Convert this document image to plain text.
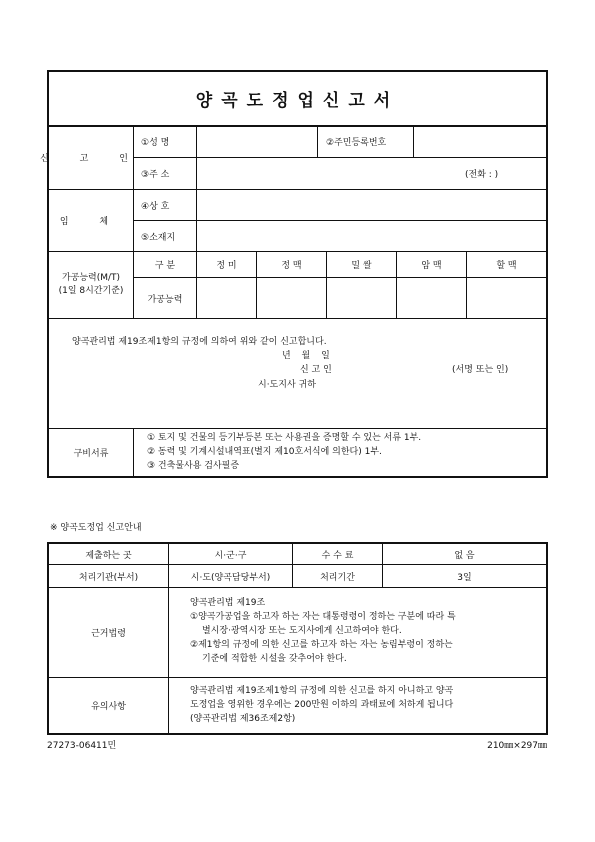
양곡도정업신고서
신 고 인
①성 명	②주민등록번호
③주 소	(전화 : )
임 체
④상 호
⑤소재지
가공능력(M/T)
(1일 8시간기준)
구 분	정 미	정 맥	밀 쌀	암 맥	할 맥
가공능력
양곡관리법 제19조제1항의 규정에 의하여 위와 같이 신고합니다.
년 월 일
신 고 인	(서명 또는 인)
시·도지사 귀하
구비서류
① 토지 및 건물의 등기부등본 또는 사용권을 증명할 수 있는 서류 1부.
② 동력 및 기계시설내역표(별지 제10호서식에 의한다) 1부.
③ 건축물사용 검사필증
※ 양곡도정업 신고안내
제출하는 곳	시·군·구	수 수 료	없 음
처리기관(부서)	시·도(양곡담당부서)	처리기간	3일
근거법령
양곡관리법 제19조
①양곡가공업을 하고자 하는 자는 대통령령이 정하는 구분에 따라 특
별시장·광역시장 또는 도지사에게 신고하여야 한다.
②제1항의 규정에 의한 신고를 하고자 하는 자는 농림부령이 정하는
기준에 적합한 시설을 갖추어야 한다.
유의사항
양곡관리법 제19조제1항의 규정에 의한 신고를 하지 아니하고 양곡
도정업을 영위한 경우에는 200만원 이하의 과태료에 처하게 됩니다
(양곡관리법 제36조제2항)
27273-06411민	210㎜×297㎜
